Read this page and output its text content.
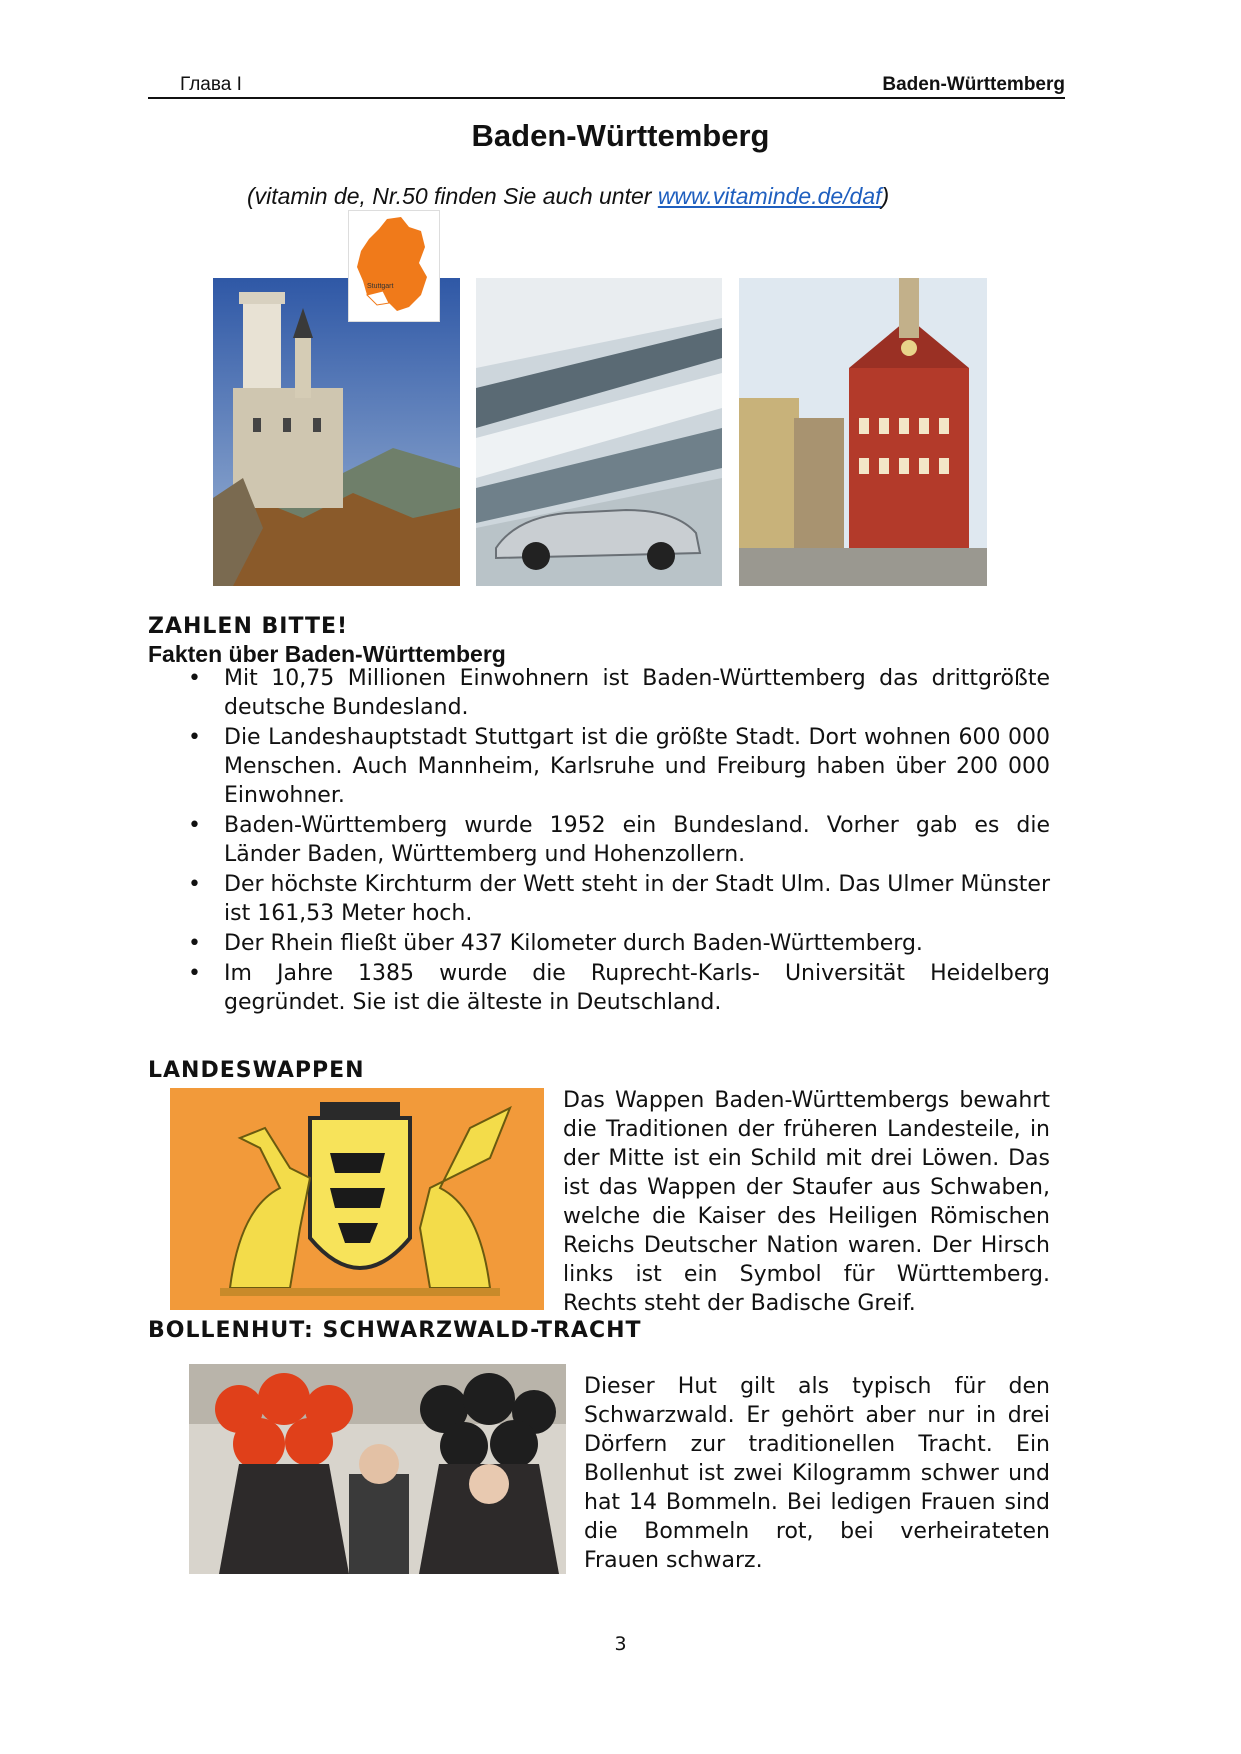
Глава I	Baden-Württemberg
Baden-Württemberg
(vitamin de, Nr.50 finden Sie auch unter www.vitaminde.de/daf)
Stuttgart
ZAHLEN BITTE!
Fakten über Baden-Württemberg
• Mit 10,75 Millionen Einwohnern ist Baden-Württemberg das drittgrößte deutsche Bundesland.
• Die Landeshauptstadt Stuttgart ist die größte Stadt. Dort wohnen 600 000 Menschen. Auch Mannheim, Karlsruhe und Freiburg haben über 200 000 Einwohner.
• Baden-Württemberg wurde 1952 ein Bundesland. Vorher gab es die Länder Baden, Württemberg und Hohenzollern.
• Der höchste Kirchturm der Wett steht in der Stadt Ulm. Das Ulmer Münster ist 161,53 Meter hoch.
• Der Rhein fließt über 437 Kilometer durch Baden-Württemberg.
• Im Jahre 1385 wurde die Ruprecht-Karls- Universität Heidelberg gegründet. Sie ist die älteste in Deutschland.
LANDESWAPPEN
Das Wappen Baden-Württembergs bewahrt die Traditionen der früheren Landesteile, in der Mitte ist ein Schild mit drei Löwen. Das ist das Wappen der Staufer aus Schwaben, welche die Kaiser des Heiligen Römischen Reichs Deutscher Nation waren. Der Hirsch links ist ein Symbol für Württemberg. Rechts steht der Badische Greif.
BOLLENHUT: SCHWARZWALD-TRACHT
Dieser Hut gilt als typisch für den Schwarzwald. Er gehört aber nur in drei Dörfern zur traditionellen Tracht. Ein Bollenhut ist zwei Kilogramm schwer und hat 14 Bommeln. Bei ledigen Frauen sind die Bommeln rot, bei verheirateten Frauen schwarz.
3
